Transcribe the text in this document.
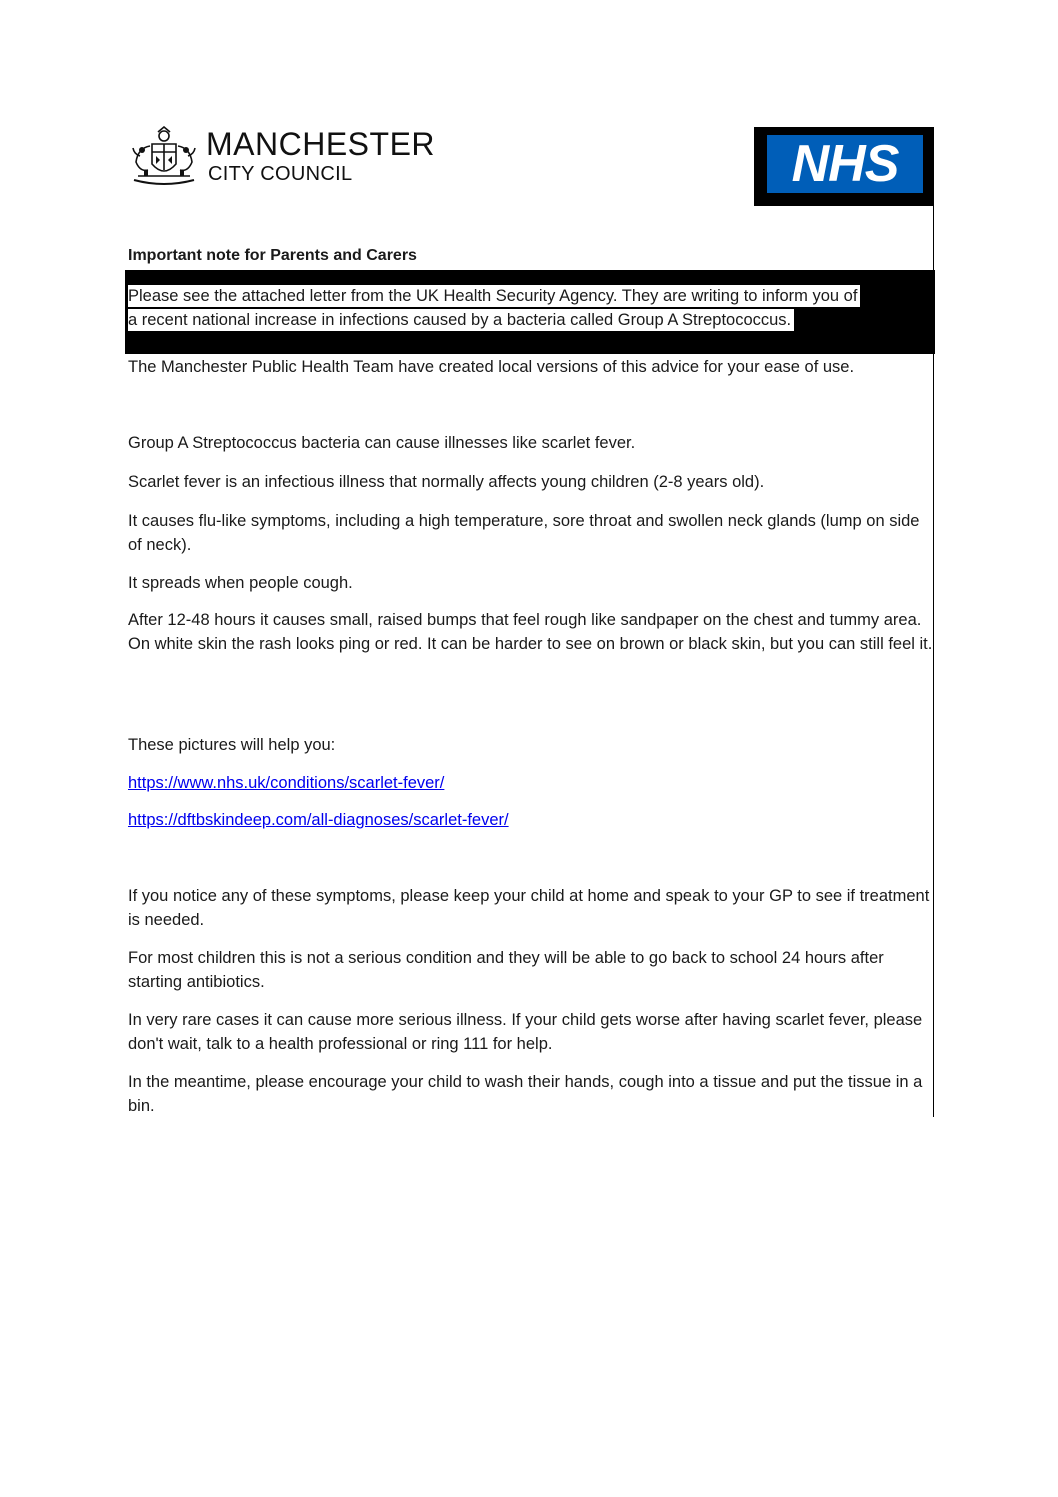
MANCHESTER
CITY COUNCIL	NHS
Important note for Parents and Carers
Please see the attached letter from the UK Health Security Agency. They are writing to inform you of
a recent national increase in infections caused by a bacteria called Group A Streptococcus.

The Manchester Public Health Team have created local versions of this advice for your ease of use.

Group A Streptococcus bacteria can cause illnesses like scarlet fever.

Scarlet fever is an infectious illness that normally affects young children (2-8 years old).

It causes flu-like symptoms, including a high temperature, sore throat and swollen neck glands (lump on side of neck).

It spreads when people cough.

After 12-48 hours it causes small, raised bumps that feel rough like sandpaper on the chest and tummy area. On white skin the rash looks ping or red. It can be harder to see on brown or black skin, but you can still feel it.

These pictures will help you:

https://www.nhs.uk/conditions/scarlet-fever/

https://dftbskindeep.com/all-diagnoses/scarlet-fever/

If you notice any of these symptoms, please keep your child at home and speak to your GP to see if treatment is needed.

For most children this is not a serious condition and they will be able to go back to school 24 hours after starting antibiotics.

In very rare cases it can cause more serious illness. If your child gets worse after having scarlet fever, please don't wait, talk to a health professional or ring 111 for help.

In the meantime, please encourage your child to wash their hands, cough into a tissue and put the tissue in a bin.
